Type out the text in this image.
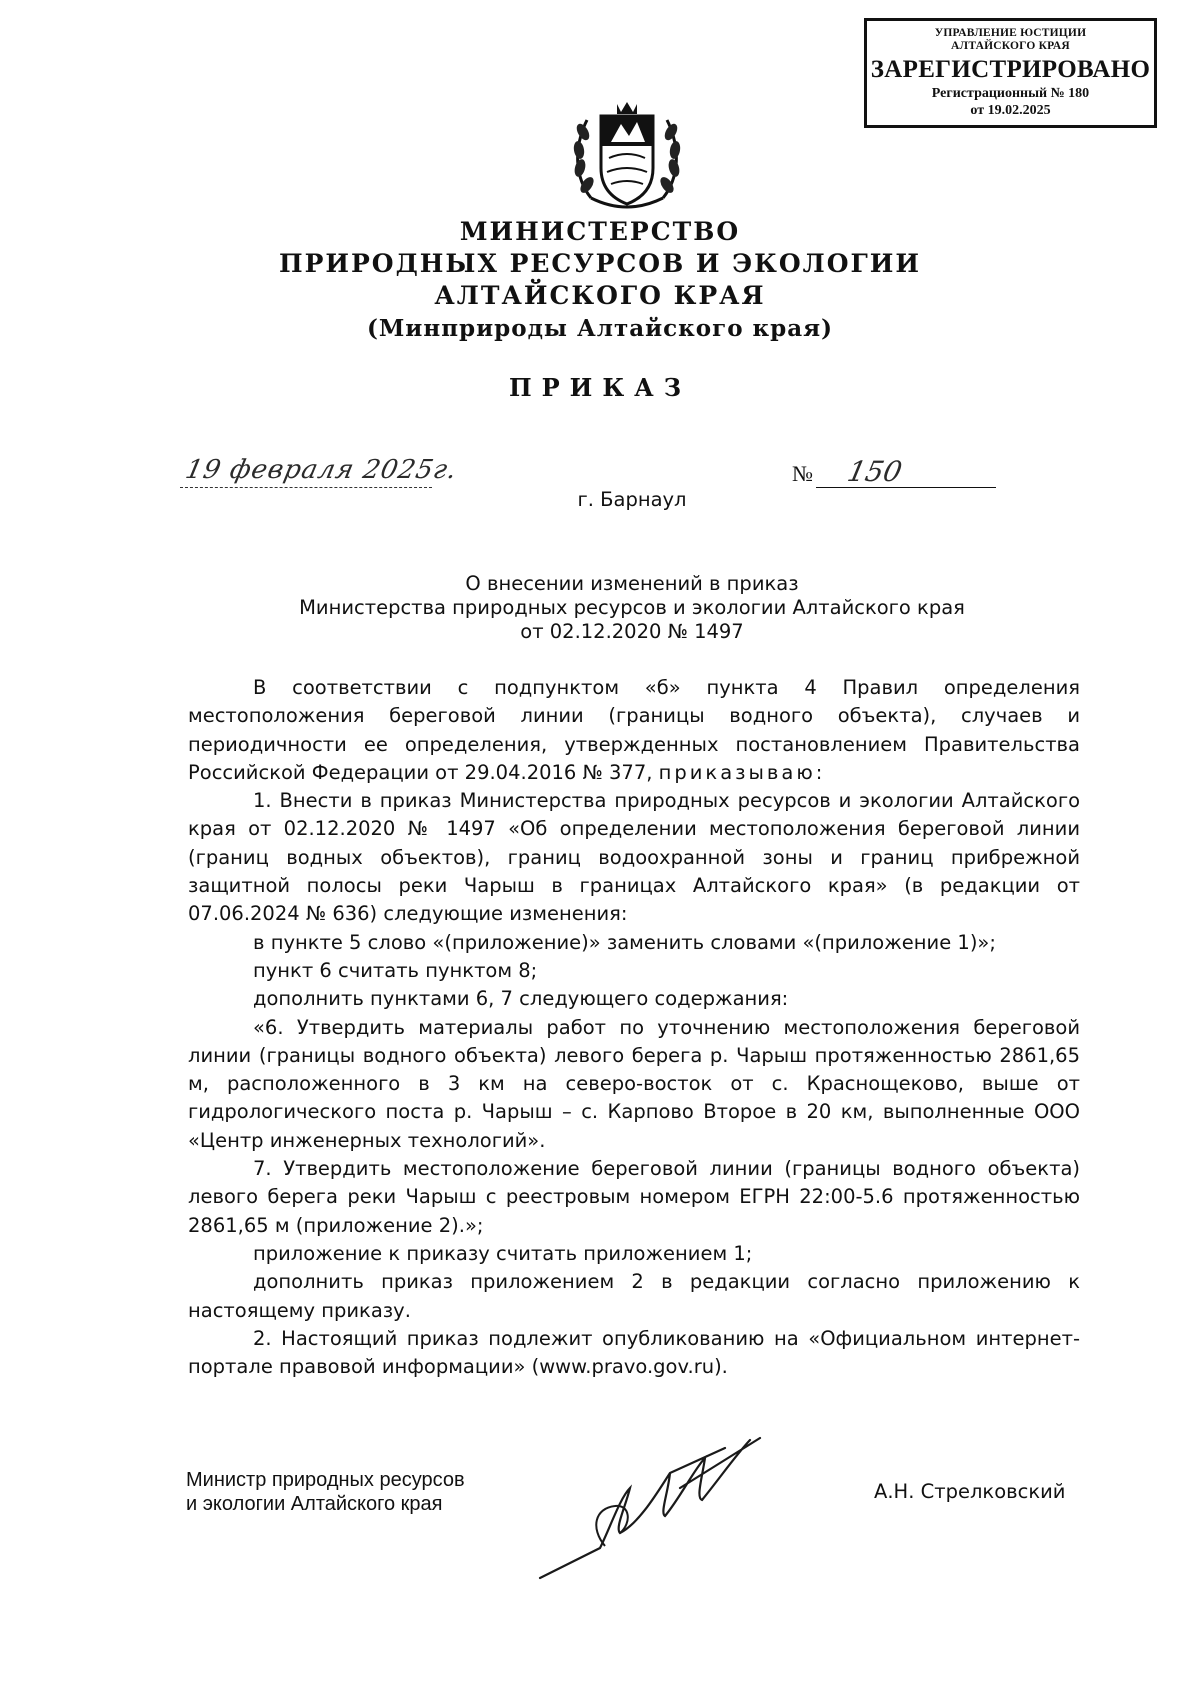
УПРАВЛЕНИЕ ЮСТИЦИИ
АЛТАЙСКОГО КРАЯ
ЗАРЕГИСТРИРОВАНО
Регистрационный № 180
от 19.02.2025
МИНИСТЕРСТВО
ПРИРОДНЫХ РЕСУРСОВ И ЭКОЛОГИИ
АЛТАЙСКОГО КРАЯ
(Минприроды Алтайского края)
ПРИКАЗ
19 февраля 2025г.	№ 150
г. Барнаул
О внесении изменений в приказ
Министерства природных ресурсов и экологии Алтайского края
от 02.12.2020 № 1497

В соответствии с подпунктом «б» пункта 4 Правил определения местоположения береговой линии (границы водного объекта), случаев и периодичности ее определения, утвержденных постановлением Правительства Российской Федерации от 29.04.2016 № 377, приказываю:

1. Внести в приказ Министерства природных ресурсов и экологии Алтайского края от 02.12.2020 № 1497 «Об определении местоположения береговой линии (границ водных объектов), границ водоохранной зоны и границ прибрежной защитной полосы реки Чарыш в границах Алтайского края» (в редакции от 07.06.2024 № 636) следующие изменения:

в пункте 5 слово «(приложение)» заменить словами «(приложение 1)»;

пункт 6 считать пунктом 8;

дополнить пунктами 6, 7 следующего содержания:

«6. Утвердить материалы работ по уточнению местоположения береговой линии (границы водного объекта) левого берега р. Чарыш протяженностью 2861,65 м, расположенного в 3 км на северо-восток от с. Краснощеково, выше от гидрологического поста р. Чарыш – с. Карпово Второе в 20 км, выполненные ООО «Центр инженерных технологий».

7. Утвердить местоположение береговой линии (границы водного объекта) левого берега реки Чарыш с реестровым номером ЕГРН 22:00-5.6 протяженностью 2861,65 м (приложение 2).»;

приложение к приказу считать приложением 1;

дополнить приказ приложением 2 в редакции согласно приложению к настоящему приказу.

2. Настоящий приказ подлежит опубликованию на «Официальном интернет-портале правовой информации» (www.pravo.gov.ru).

Министр природных ресурсов
и экологии Алтайского края
А.Н. Стрелковский
